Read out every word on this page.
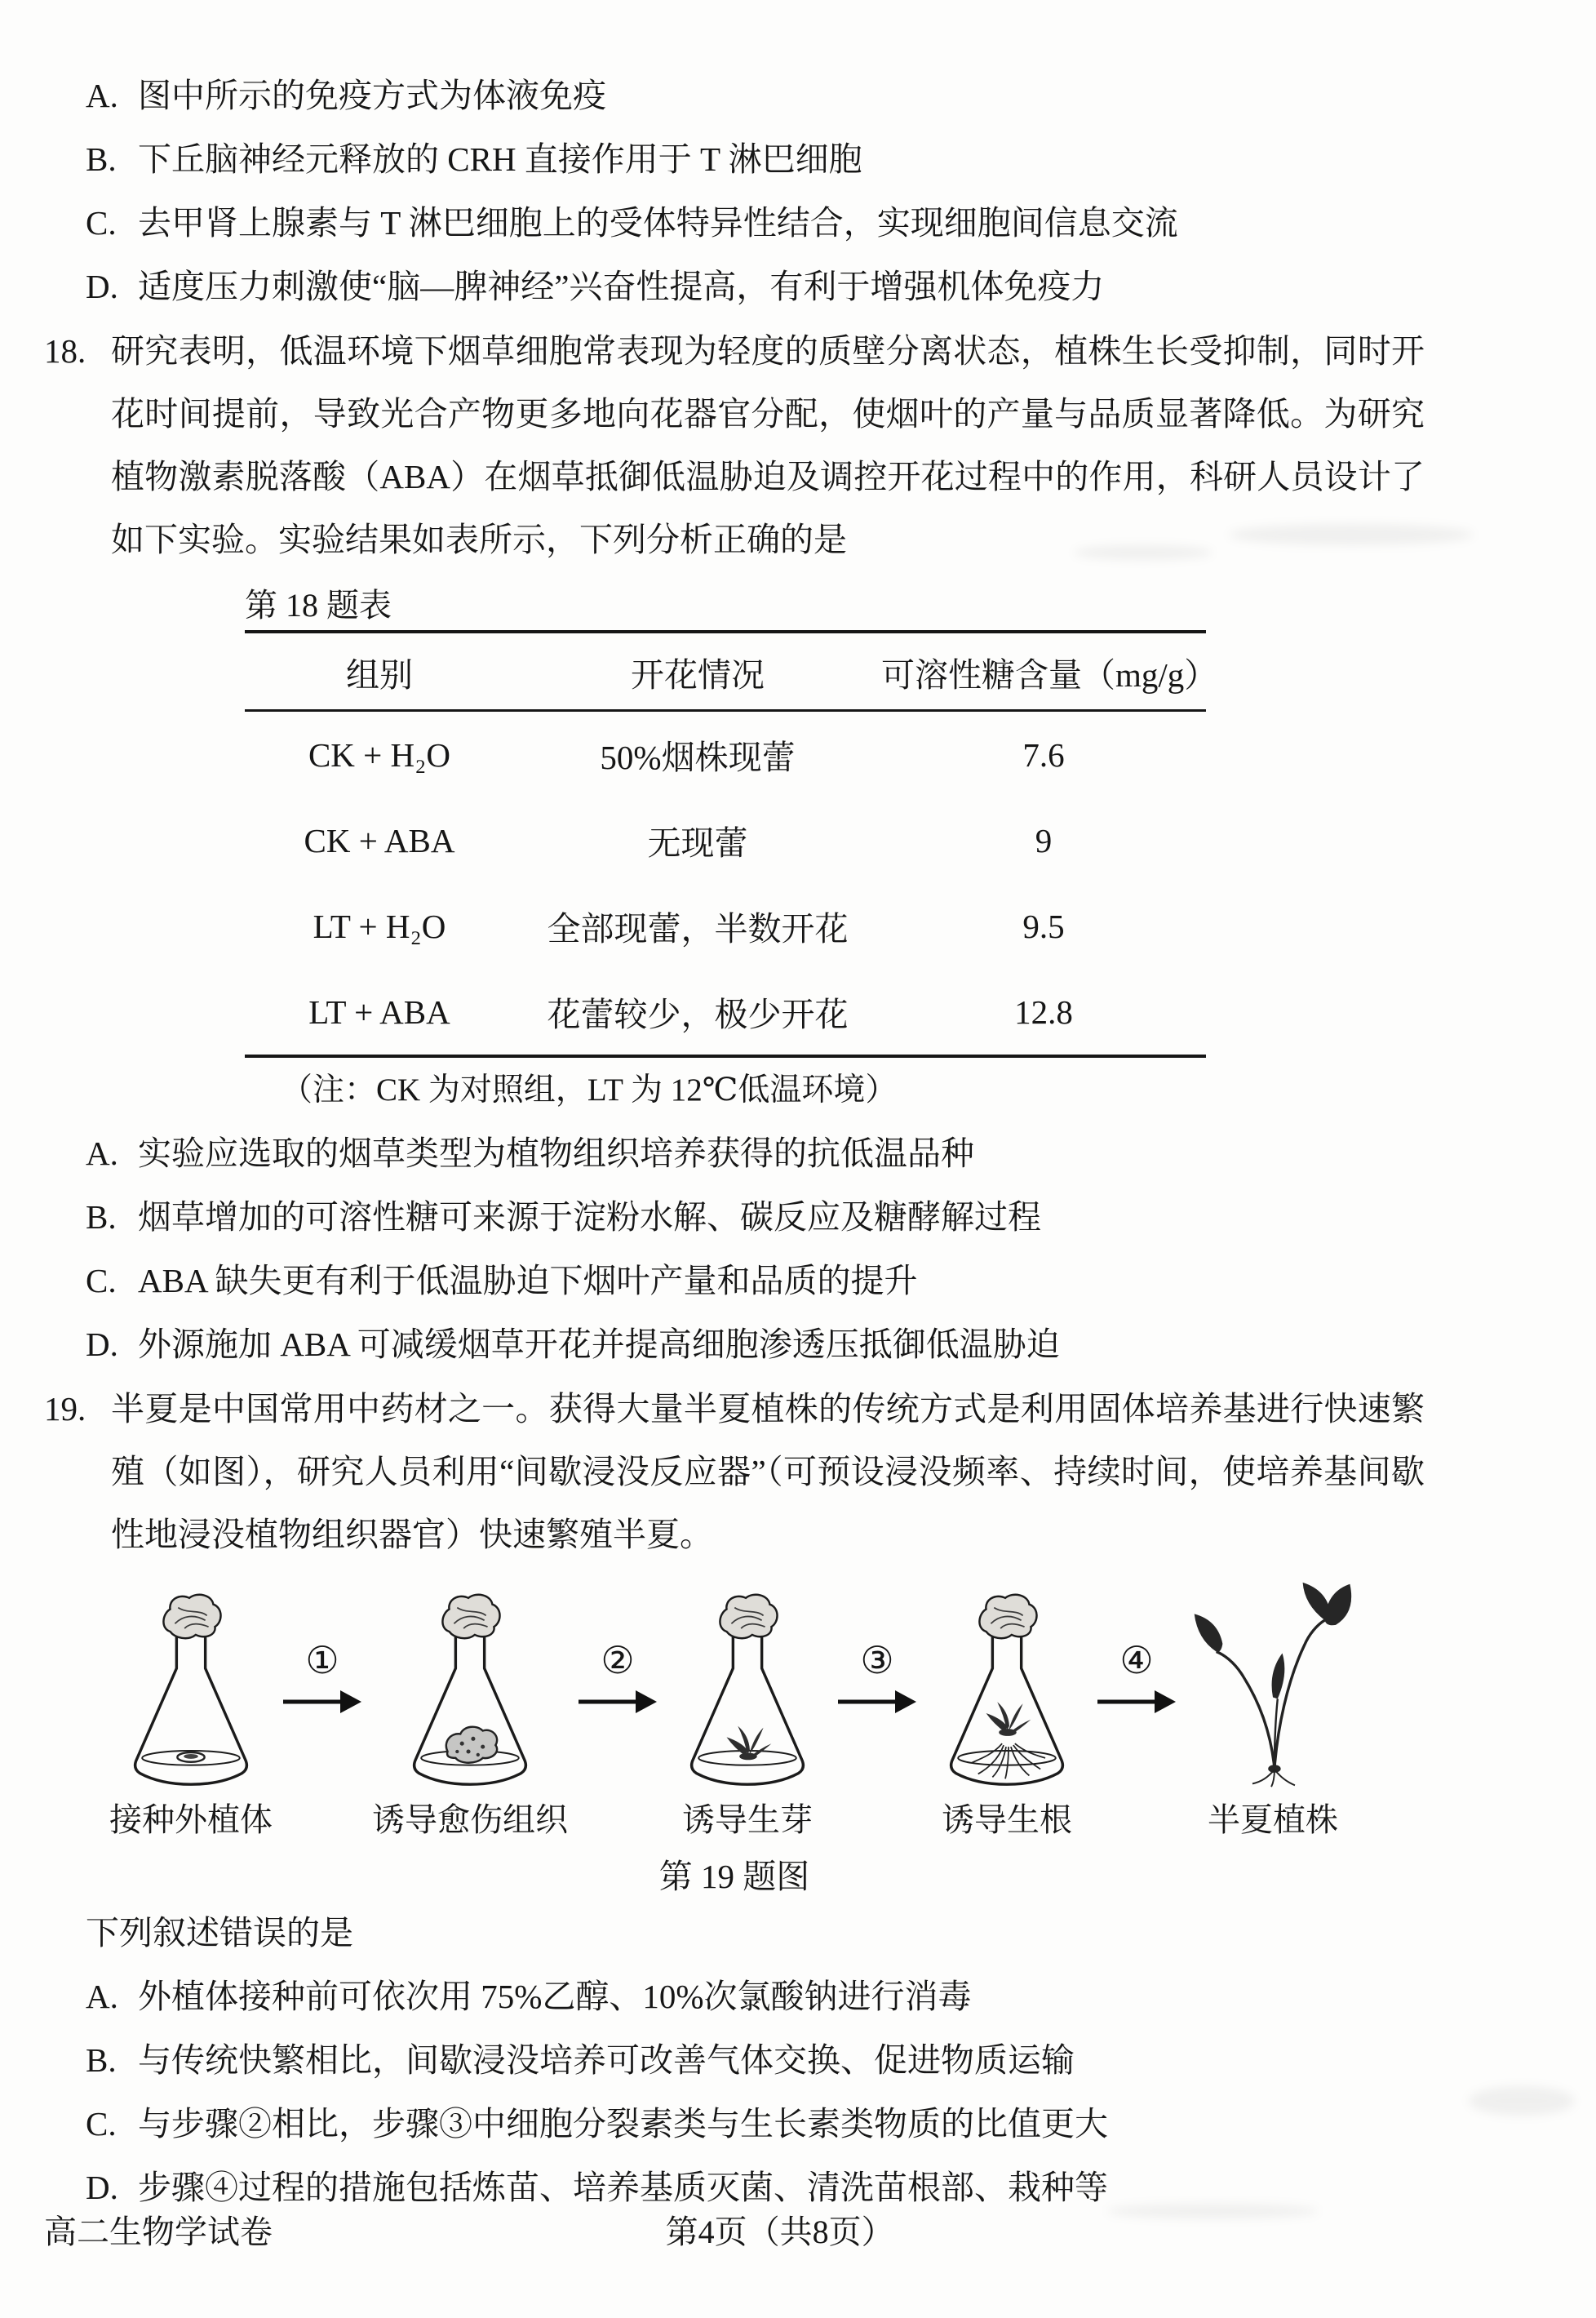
A. 图中所示的免疫方式为体液免疫
B. 下丘脑神经元释放的 CRH 直接作用于 T 淋巴细胞
C. 去甲肾上腺素与 T 淋巴细胞上的受体特异性结合，实现细胞间信息交流
D. 适度压力刺激使“脑—脾神经”兴奋性提高，有利于增强机体免疫力
18. 研究表明，低温环境下烟草细胞常表现为轻度的质壁分离状态，植株生长受抑制，同时开花时间提前，导致光合产物更多地向花器官分配，使烟叶的产量与品质显著降低。为研究植物激素脱落酸（ABA）在烟草抵御低温胁迫及调控开花过程中的作用，科研人员设计了如下实验。实验结果如表所示，下列分析正确的是
第 18 题表
组别	开花情况	可溶性糖含量（mg/g）
CK + H₂O	50%烟株现蕾	7.6
CK + ABA	无现蕾	9
LT + H₂O	全部现蕾，半数开花	9.5
LT + ABA	花蕾较少，极少开花	12.8
（注：CK 为对照组，LT 为 12℃低温环境）
A. 实验应选取的烟草类型为植物组织培养获得的抗低温品种
B. 烟草增加的可溶性糖可来源于淀粉水解、碳反应及糖酵解过程
C. ABA 缺失更有利于低温胁迫下烟叶产量和品质的提升
D. 外源施加 ABA 可减缓烟草开花并提高细胞渗透压抵御低温胁迫
19. 半夏是中国常用中药材之一。获得大量半夏植株的传统方式是利用固体培养基进行快速繁殖（如图），研究人员利用“间歇浸没反应器”（可预设浸没频率、持续时间，使培养基间歇性地浸没植物组织器官）快速繁殖半夏。
接种外植体
①
诱导愈伤组织
②
诱导生芽
③
诱导生根
④
半夏植株
第 19 题图
下列叙述错误的是
A. 外植体接种前可依次用 75%乙醇、10%次氯酸钠进行消毒
B. 与传统快繁相比，间歇浸没培养可改善气体交换、促进物质运输
C. 与步骤②相比，步骤③中细胞分裂素类与生长素类物质的比值更大
D. 步骤④过程的措施包括炼苗、培养基质灭菌、清洗苗根部、栽种等
高二生物学试卷	第4页（共8页）
